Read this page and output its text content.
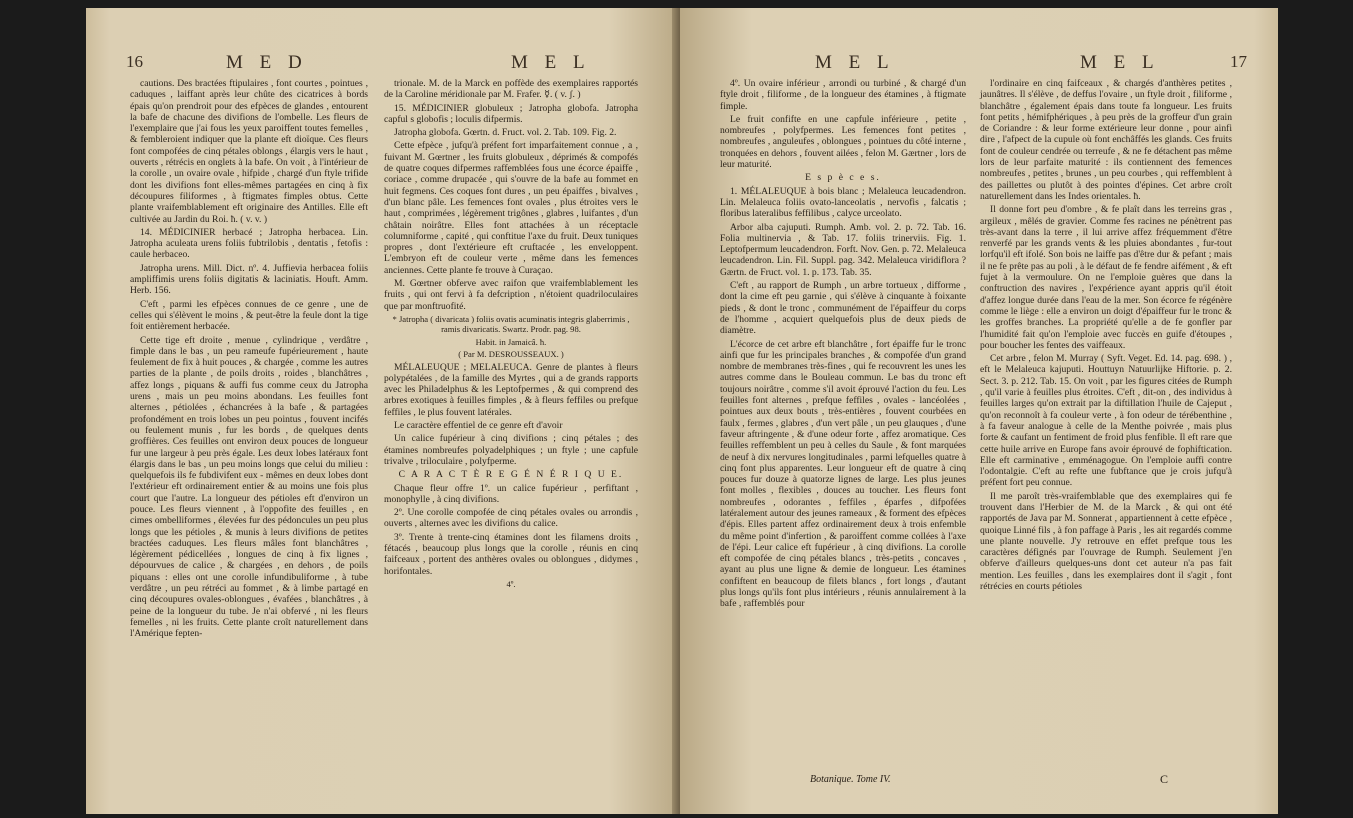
16	M E D	M E L

cautions. Des bractées ftipulaires , font courtes , pointues , caduques , laiffant après leur chûte des cicatrices à bords épais qu'on prendroit pour des efpèces de glandes , entourent la bafe de chacune des divifions de l'ombelle. Les fleurs de l'exemplaire que j'ai fous les yeux paroiffent toutes femelles , & fembleroient indiquer que la plante eft dioïque. Ces fleurs font compofées de cinq pétales oblongs , élargis vers le haut , ouverts , rétrécis en onglets à la bafe. On voit , à l'intérieur de la corolle , un ovaire ovale , hifpide , chargé d'un ftyle trifide dont les divifions font elles-mêmes partagées en cinq à fix découpures filiformes , à ftigmates fimples obtus. Cette plante vraifemblablement eft originaire des Antilles. Elle eft cultivée au Jardin du Roi. ħ. ( v. v. )

14. MÉDICINIER herbacé ; Jatropha herbacea. Lin. Jatropha aculeata urens foliis fubtrilobis , dentatis , fetofis : caule herbaceo.

Jatropha urens. Mill. Dict. nº. 4. Juffievia herbacea foliis ampliffimis urens foliis digitatis & laciniatis. Houft. Amm. Herb. 156.

C'eft , parmi les efpèces connues de ce genre , une de celles qui s'élèvent le moins , & peut-être la feule dont la tige foit entièrement herbacée.

Cette tige eft droite , menue , cylindrique , verdâtre , fimple dans le bas , un peu rameufe fupérieurement , haute feulement de fix à huit pouces , & chargée , comme les autres parties de la plante , de poils droits , roides , blanchâtres , affez longs , piquans & auffi fus comme ceux du Jatropha urens , mais un peu moins abondans. Les feuilles font alternes , pétiolées , échancrées à la bafe , & partagées profondément en trois lobes un peu pointus , fouvent incifés ou feulement munis , fur les bords , de quelques dents groffières. Ces feuilles ont environ deux pouces de longueur fur une largeur à peu près égale. Les deux lobes latéraux font élargis dans le bas , un peu moins longs que celui du milieu : quelquefois ils fe fubdivifent eux - mêmes en deux lobes dont l'extérieur eft ordinairement entier & au moins une fois plus court que l'autre. La longueur des pétioles eft d'environ un pouce. Les fleurs viennent , à l'oppofite des feuilles , en cimes ombelliformes , élevées fur des pédoncules un peu plus longs que les pétioles , & munis à leurs divifions de petites bractées caduques. Les fleurs mâles font blanchâtres , légèrement pédicellées , longues de cinq à fix lignes , dépourvues de calice , & chargées , en dehors , de poils piquans : elles ont une corolle infundibuliforme , à tube verdâtre , un peu rétréci au fommet , & à limbe partagé en cinq découpures ovales-oblongues , évafées , blanchâtres , à peine de la longueur du tube. Je n'ai obfervé , ni les fleurs femelles , ni les fruits. Cette plante croît naturellement dans l'Amérique fepten-

trionale. M. de la Marck en poffède des exemplaires rapportés de la Caroline méridionale par M. Frafer. ☿. ( v. ʃ. )

15. MÉDICINIER globuleux ; Jatropha globofa. Jatropha capful s globofis ; loculis difpermis.

Jatropha globofa. Gœrtn. d. Fruct. vol. 2. Tab. 109. Fig. 2.

Cette efpèce , jufqu'à préfent fort imparfaitement connue , a , fuivant M. Gœrtner , les fruits globuleux , déprimés & compofés de quatre coques difpermes raffemblées fous une écorce épaiffe , coriace , comme drupacée , qui s'ouvre de la bafe au fommet en huit fegmens. Ces coques font dures , un peu épaiffes , bivalves , d'un blanc pâle. Les femences font ovales , plus étroites vers le haut , comprimées , légèrement trigônes , glabres , luifantes , d'un châtain noirâtre. Elles font attachées à un réceptacle columniforme , capité , qui conftitue l'axe du fruit. Deux tuniques propres , dont l'extérieure eft cruftacée , les enveloppent. L'embryon eft de couleur verte , même dans les femences anciennes. Cette plante fe trouve à Curaçao.

M. Gœrtner obferve avec raifon que vraifemblablement les fruits , qui ont fervi à fa defcription , n'étoient quadriloculaires que par monftruofité.

* Jatropha ( divaricata ) foliis ovatis acuminatis integris glaberrimis , ramis divaricatis. Swartz. Prodr. pag. 98.

Habit. in Jamaicâ. ħ.

( Par M. DESROUSSEAUX. )

MÉLALEUQUE ; MELALEUCA. Genre de plantes à fleurs polypétalées , de la famille des Myrtes , qui a de grands rapports avec les Philadelphus & les Leptofpermes , & qui comprend des arbres exotiques à feuilles fimples , & à fleurs feffiles ou prefque feffiles , le plus fouvent latérales.

Le caractère effentiel de ce genre eft d'avoir

Un calice fupérieur à cinq divifions ; cinq pétales ; des étamines nombreufes polyadelphiques ; un ftyle ; une capfule trivalve , triloculaire , polyfperme.

C A R A C T È R E G É N É R I Q U E.

Chaque fleur offre 1º. un calice fupérieur , perfiftant , monophylle , à cinq divifions.

2º. Une corolle compofée de cinq pétales ovales ou arrondis , ouverts , alternes avec les divifions du calice.

3º. Trente à trente-cinq étamines dont les filamens droits , fétacés , beaucoup plus longs que la corolle , réunis en cinq faifceaux , portent des anthères ovales ou oblongues , didymes , horifontales.

4º.

M E L	M E L	17

4º. Un ovaire inférieur , arrondi ou turbiné , & chargé d'un ftyle droit , filiforme , de la longueur des étamines , à ftigmate fimple.

Le fruit confifte en une capfule inférieure , petite , nombreufes , polyfpermes. Les femences font petites , nombreufes , anguleufes , oblongues , pointues du côté interne , tronquées en dehors , fouvent ailées , felon M. Gærtner , lors de leur maturité.

E s p è c e s.

1. MÉLALEUQUE à bois blanc ; Melaleuca leucadendron. Lin. Melaleuca foliis ovato-lanceolatis , nervofis , falcatis ; floribus lateralibus feffilibus , calyce urceolato.

Arbor alba cajuputi. Rumph. Amb. vol. 2. p. 72. Tab. 16. Folia multinervia , & Tab. 17. foliis trinerviis. Fig. 1. Leptofpermum leucadendron. Forft. Nov. Gen. p. 72. Melaleuca leucadendron. Lin. Fil. Suppl. pag. 342. Melaleuca viridiflora ? Gærtn. de Fruct. vol. 1. p. 173. Tab. 35.

C'eft , au rapport de Rumph , un arbre tortueux , difforme , dont la cime eft peu garnie , qui s'élève à cinquante à foixante pieds , & dont le tronc , communément de l'épaiffeur du corps de l'homme , acquiert quelquefois plus de deux pieds de diamètre.

L'écorce de cet arbre eft blanchâtre , fort épaiffe fur le tronc ainfi que fur les principales branches , & compofée d'un grand nombre de membranes très-fines , qui fe recouvrent les unes les autres comme dans le Bouleau commun. Le bas du tronc eft toujours noirâtre , comme s'il avoit éprouvé l'action du feu. Les feuilles font alternes , prefque feffiles , ovales - lancéolées , pointues aux deux bouts , très-entières , fouvent courbées en faulx , fermes , glabres , d'un vert pâle , un peu glauques , d'une faveur aftringente , & d'une odeur forte , affez aromatique. Ces feuilles reffemblent un peu à celles du Saule , & font marquées de neuf à dix nervures longitudinales , parmi lefquelles quatre à cinq font plus apparentes. Leur longueur eft de quatre à cinq pouces fur douze à quatorze lignes de large. Les plus jeunes font molles , flexibles , douces au toucher. Les fleurs font nombreufes , odorantes , feffiles , éparfes , difpofées latéralement autour des jeunes rameaux , & forment des efpèces d'épis. Elles partent affez ordinairement deux à trois enfemble du même point d'infertion , & paroiffent comme collées à l'axe de l'épi. Leur calice eft fupérieur , à cinq divifions. La corolle eft compofée de cinq pétales blancs , très-petits , concaves , ayant au plus une ligne & demie de longueur. Les étamines confiftent en beaucoup de filets blancs , fort longs , d'autant plus longs qu'ils font plus intérieurs , réunis annulairement à la bafe , raffemblés pour

l'ordinaire en cinq faifceaux , & chargés d'anthères petites , jaunâtres. Il s'élève , de deffus l'ovaire , un ftyle droit , filiforme , blanchâtre , également épais dans toute fa longueur. Les fruits font petits , hémifphériques , à peu près de la groffeur d'un grain de Coriandre : & leur forme extérieure leur donne , pour ainfi dire , l'afpect de la cupule où font enchâffés les glands. Ces fruits font de couleur cendrée ou terreufe , & ne fe détachent pas même lors de leur parfaite maturité : ils contiennent des femences nombreufes , petites , brunes , un peu courbes , qui reffemblent à des paillettes ou plutôt à des pointes d'épines. Cet arbre croît naturellement dans les Indes orientales. ħ.

Il donne fort peu d'ombre , & fe plaît dans les terreins gras , argileux , mêlés de gravier. Comme fes racines ne pénètrent pas très-avant dans la terre , il lui arrive affez fréquemment d'être renverfé par les grands vents & les pluies abondantes , fur-tout lorfqu'il eft ifolé. Son bois ne laiffe pas d'être dur & pefant ; mais il ne fe prête pas au poli , à le défaut de fe fendre aifément , & eft fujet à la vermoulure. On ne l'emploie guères que dans la conftruction des navires , l'expérience ayant appris qu'il étoit d'affez longue durée dans l'eau de la mer. Son écorce fe régénère comme le liège : elle a environ un doigt d'épaiffeur fur le tronc & les groffes branches. La propriété qu'elle a de fe gonfler par l'humidité fait qu'on l'emploie avec fuccès en guife d'étoupes , pour boucher les fentes des vaiffeaux.

Cet arbre , felon M. Murray ( Syft. Veget. Ed. 14. pag. 698. ) , eft le Melaleuca kajuputi. Houttuyn Natuurlijke Hiftorie. p. 2. Sect. 3. p. 212. Tab. 15. On voit , par les figures citées de Rumph , qu'il varie à feuilles plus étroites. C'eft , dit-on , des individus à feuilles larges qu'on extrait par la diftillation l'huile de Cajeput , qu'on reconnoît à fa couleur verte , à fon odeur de térébenthine , à fa faveur analogue à celle de la Menthe poivrée , mais plus forte & caufant un fentiment de froid plus fenfible. Il eft rare que cette huile arrive en Europe fans avoir éprouvé de fophiftication. Elle eft carminative , emménagogue. On l'emploie auffi contre l'odontalgie. C'eft au refte une fubftance que je crois jufqu'à préfent fort peu connue.

Il me paroît très-vraifemblable que des exemplaires qui fe trouvent dans l'Herbier de M. de la Marck , & qui ont été rapportés de Java par M. Sonnerat , appartiennent à cette efpèce , quoique Linné fils , à fon paffage à Paris , les ait regardés comme une plante nouvelle. J'y retrouve en effet prefque tous les caractères défignés par l'ouvrage de Rumph. Seulement j'en obferve d'ailleurs quelques-uns dont cet auteur n'a pas fait mention. Les feuilles , dans les exemplaires dont il s'agit , font rétrécies en courts pétioles

Botanique. Tome IV.	C
